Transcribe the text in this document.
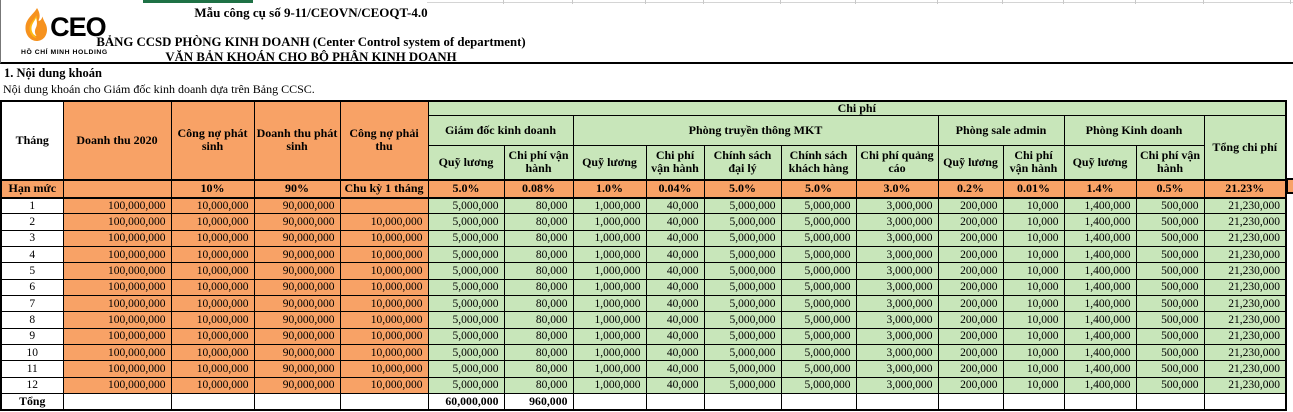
CEO
HỒ CHÍ MINH HOLDING
Mẫu công cụ số 9-11/CEOVN/CEOQT-4.0
BẢNG CCSD PHÒNG KINH DOANH (Center Control system of department)
VĂN BẢN KHOÁN CHO BỘ PHẬN KINH DOANH
1. Nội dung khoán
Nội dung khoán cho Giám đốc kinh doanh dựa trên Bảng CCSC.
Tháng	Doanh thu 2020	Công nợ phát sinh	Doanh thu phát sinh	Công nợ phải thu	Chi phí											
					Giám đốc kinh doanh		Phòng truyền thông MKT					Phòng sale admin		Phòng Kinh doanh		Tổng chi phí
					Quỹ lương	Chi phí vận hành	Quỹ lương	Chi phí vận hành	Chính sách đại lý	Chính sách khách hàng	Chi phí quảng cáo	Quỹ lương	Chi phí vận hành	Quỹ lương	Chi phí vận hành	
Hạn mức		10%	90%	Chu kỳ 1 tháng	5.0%	0.08%	1.0%	0.04%	5.0%	5.0%	3.0%	0.2%	0.01%	1.4%	0.5%	21.23%
1	100,000,000	10,000,000	90,000,000		5,000,000	80,000	1,000,000	40,000	5,000,000	5,000,000	3,000,000	200,000	10,000	1,400,000	500,000	21,230,000
2	100,000,000	10,000,000	90,000,000	10,000,000	5,000,000	80,000	1,000,000	40,000	5,000,000	5,000,000	3,000,000	200,000	10,000	1,400,000	500,000	21,230,000
3	100,000,000	10,000,000	90,000,000	10,000,000	5,000,000	80,000	1,000,000	40,000	5,000,000	5,000,000	3,000,000	200,000	10,000	1,400,000	500,000	21,230,000
4	100,000,000	10,000,000	90,000,000	10,000,000	5,000,000	80,000	1,000,000	40,000	5,000,000	5,000,000	3,000,000	200,000	10,000	1,400,000	500,000	21,230,000
5	100,000,000	10,000,000	90,000,000	10,000,000	5,000,000	80,000	1,000,000	40,000	5,000,000	5,000,000	3,000,000	200,000	10,000	1,400,000	500,000	21,230,000
6	100,000,000	10,000,000	90,000,000	10,000,000	5,000,000	80,000	1,000,000	40,000	5,000,000	5,000,000	3,000,000	200,000	10,000	1,400,000	500,000	21,230,000
7	100,000,000	10,000,000	90,000,000	10,000,000	5,000,000	80,000	1,000,000	40,000	5,000,000	5,000,000	3,000,000	200,000	10,000	1,400,000	500,000	21,230,000
8	100,000,000	10,000,000	90,000,000	10,000,000	5,000,000	80,000	1,000,000	40,000	5,000,000	5,000,000	3,000,000	200,000	10,000	1,400,000	500,000	21,230,000
9	100,000,000	10,000,000	90,000,000	10,000,000	5,000,000	80,000	1,000,000	40,000	5,000,000	5,000,000	3,000,000	200,000	10,000	1,400,000	500,000	21,230,000
10	100,000,000	10,000,000	90,000,000	10,000,000	5,000,000	80,000	1,000,000	40,000	5,000,000	5,000,000	3,000,000	200,000	10,000	1,400,000	500,000	21,230,000
11	100,000,000	10,000,000	90,000,000	10,000,000	5,000,000	80,000	1,000,000	40,000	5,000,000	5,000,000	3,000,000	200,000	10,000	1,400,000	500,000	21,230,000
12	100,000,000	10,000,000	90,000,000	10,000,000	5,000,000	80,000	1,000,000	40,000	5,000,000	5,000,000	3,000,000	200,000	10,000	1,400,000	500,000	21,230,000
Tổng					60,000,000	960,000										
